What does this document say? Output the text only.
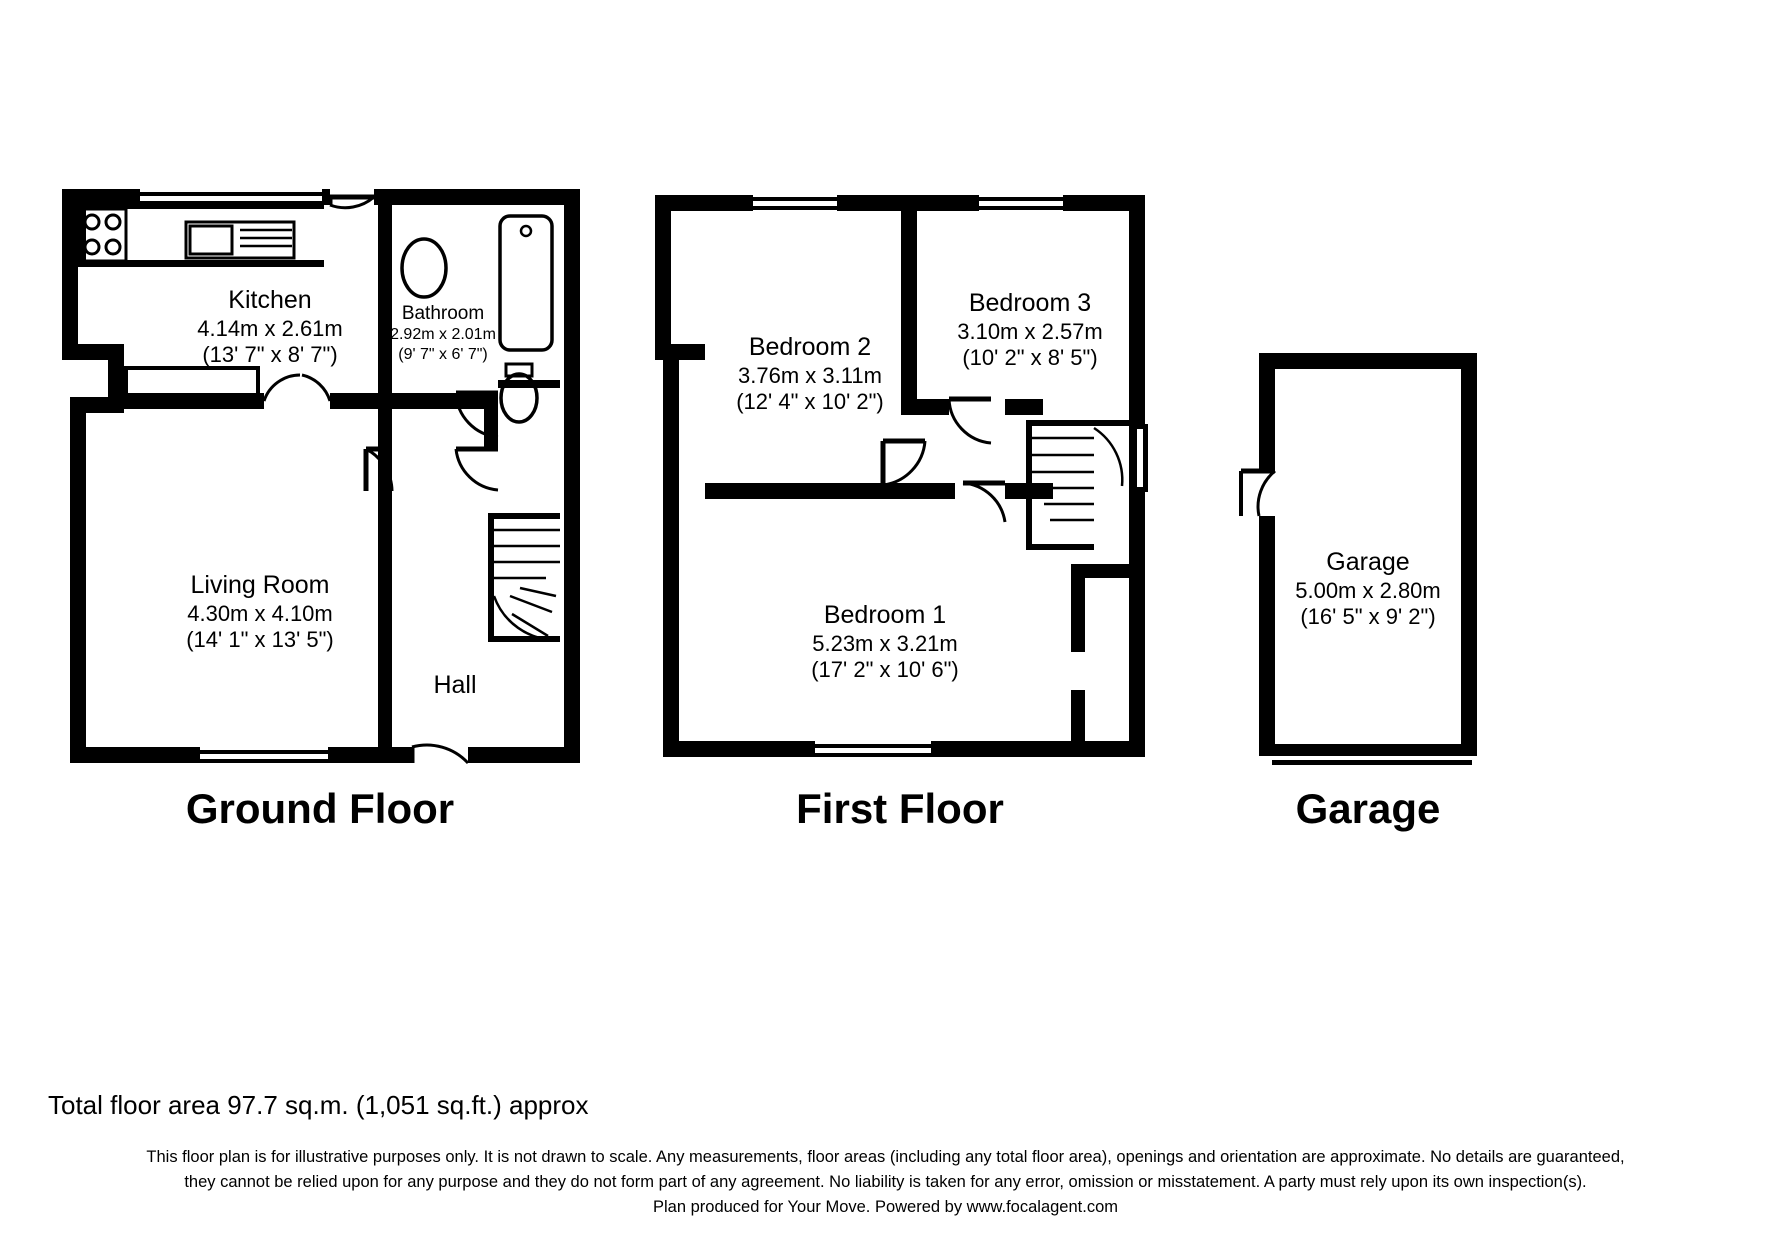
Kitchen
4.14m x 2.61m
(13' 7" x 8' 7")
Bathroom
2.92m x 2.01m
(9' 7" x 6' 7")
Living Room
4.30m x 4.10m
(14' 1" x 13' 5")
Hall
Ground Floor
Bedroom 2
3.76m x 3.11m
(12' 4" x 10' 2")
Bedroom 3
3.10m x 2.57m
(10' 2" x 8' 5")
Bedroom 1
5.23m x 3.21m
(17' 2" x 10' 6")
First Floor
Garage
5.00m x 2.80m
(16' 5" x 9' 2")
Garage
Total floor area 97.7 sq.m. (1,051 sq.ft.) approx
This floor plan is for illustrative purposes only. It is not drawn to scale. Any measurements, floor areas (including any total floor area), openings and orientation are approximate. No details are guaranteed,
they cannot be relied upon for any purpose and they do not form part of any agreement. No liability is taken for any error, omission or misstatement. A party must rely upon its own inspection(s).
Plan produced for Your Move. Powered by www.focalagent.com
